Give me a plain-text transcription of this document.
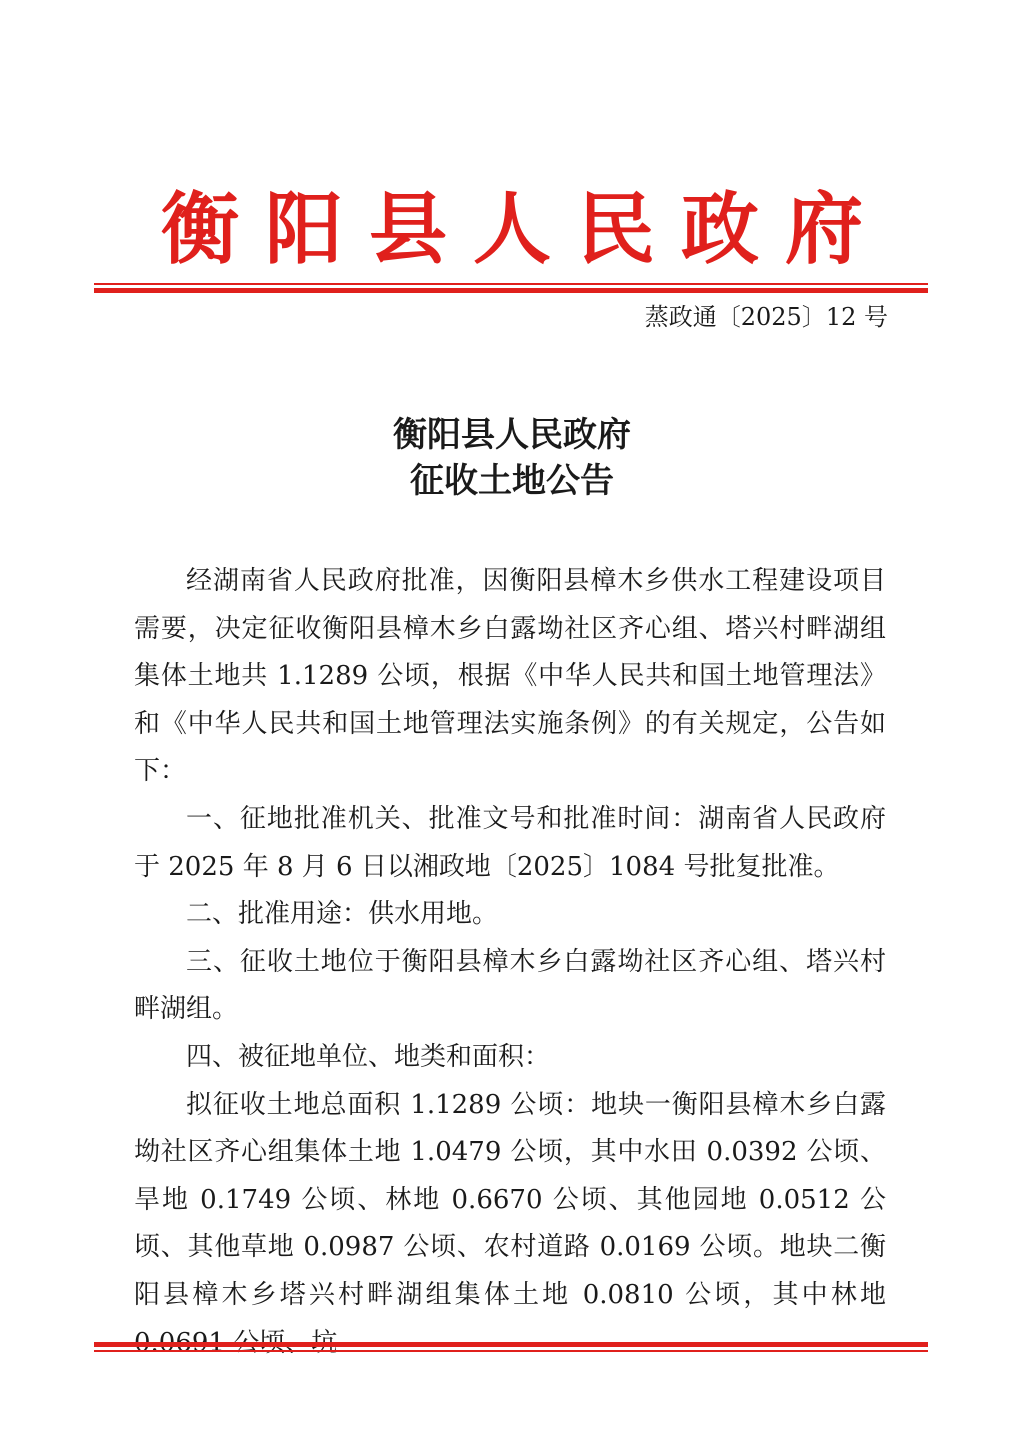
衡阳县人民政府
蒸政通〔2025〕12 号
衡阳县人民政府
征收土地公告

经湖南省人民政府批准，因衡阳县樟木乡供水工程建设项目需要，决定征收衡阳县樟木乡白露坳社区齐心组、塔兴村畔湖组集体土地共 1.1289 公顷，根据《中华人民共和国土地管理法》和《中华人民共和国土地管理法实施条例》的有关规定，公告如下：

一、征地批准机关、批准文号和批准时间：湖南省人民政府于 2025 年 8 月 6 日以湘政地〔2025〕1084 号批复批准。

二、批准用途：供水用地。

三、征收土地位于衡阳县樟木乡白露坳社区齐心组、塔兴村畔湖组。

四、被征地单位、地类和面积：

拟征收土地总面积 1.1289 公顷：地块一衡阳县樟木乡白露坳社区齐心组集体土地 1.0479 公顷，其中水田 0.0392 公顷、旱地 0.1749 公顷、林地 0.6670 公顷、其他园地 0.0512 公顷、其他草地 0.0987 公顷、农村道路 0.0169 公顷。地块二衡阳县樟木乡塔兴村畔湖组集体土地 0.0810 公顷，其中林地
